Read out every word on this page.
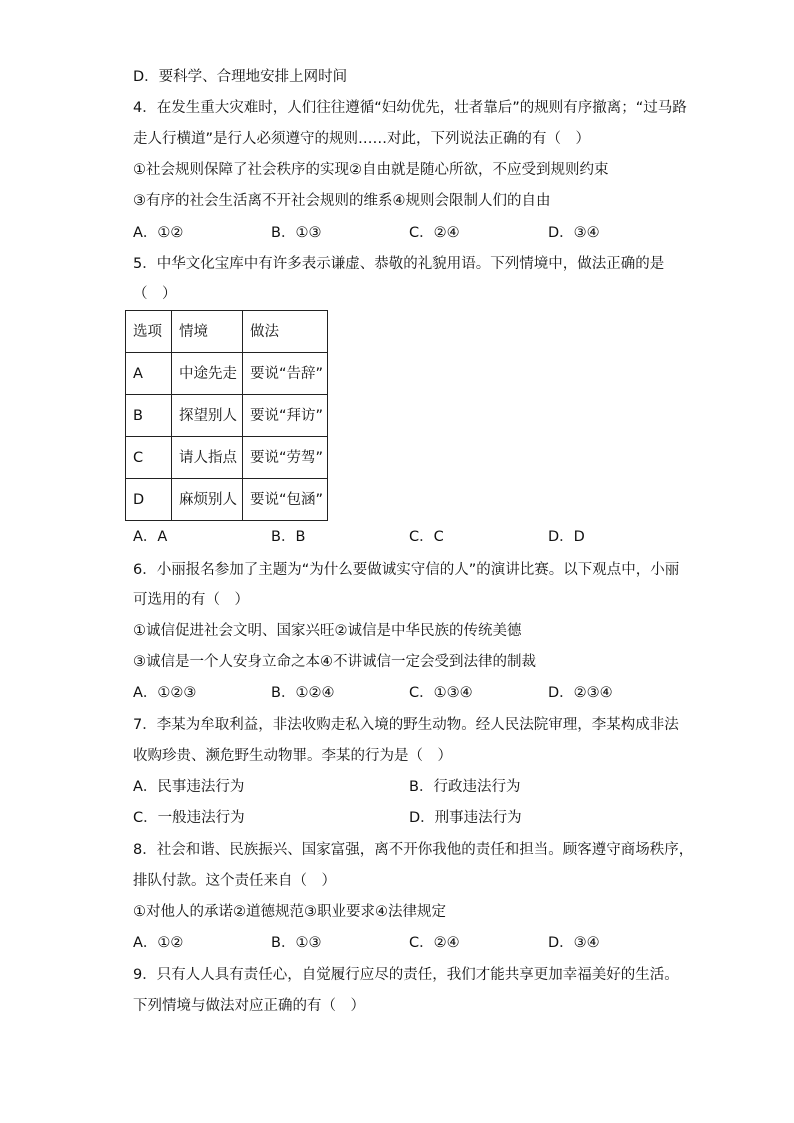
D．要科学、合理地安排上网时间
4．在发生重大灾难时，人们往往遵循“妇幼优先，壮者靠后”的规则有序撤离；“过马路
走人行横道”是行人必须遵守的规则……对此，下列说法正确的有（　）
①社会规则保障了社会秩序的实现②自由就是随心所欲，不应受到规则约束
③有序的社会生活离不开社会规则的维系④规则会限制人们的自由
A．①②	B．①③	C．②④	D．③④
5．中华文化宝库中有许多表示谦虚、恭敬的礼貌用语。下列情境中，做法正确的是
（　）
选项	情境	做法
A	中途先走	要说“告辞”
B	探望别人	要说“拜访”
C	请人指点	要说“劳驾”
D	麻烦别人	要说“包涵”
A．A	B．B	C．C	D．D
6．小丽报名参加了主题为“为什么要做诚实守信的人”的演讲比赛。以下观点中，小丽
可选用的有（　）
①诚信促进社会文明、国家兴旺②诚信是中华民族的传统美德
③诚信是一个人安身立命之本④不讲诚信一定会受到法律的制裁
A．①②③	B．①②④	C．①③④	D．②③④
7．李某为牟取利益，非法收购走私入境的野生动物。经人民法院审理，李某构成非法
收购珍贵、濒危野生动物罪。李某的行为是（　）
A．民事违法行为	B．行政违法行为
C．一般违法行为	D．刑事违法行为
8．社会和谐、民族振兴、国家富强，离不开你我他的责任和担当。顾客遵守商场秩序，
排队付款。这个责任来自（　）
①对他人的承诺②道德规范③职业要求④法律规定
A．①②	B．①③	C．②④	D．③④
9．只有人人具有责任心，自觉履行应尽的责任，我们才能共享更加幸福美好的生活。
下列情境与做法对应正确的有（　）
